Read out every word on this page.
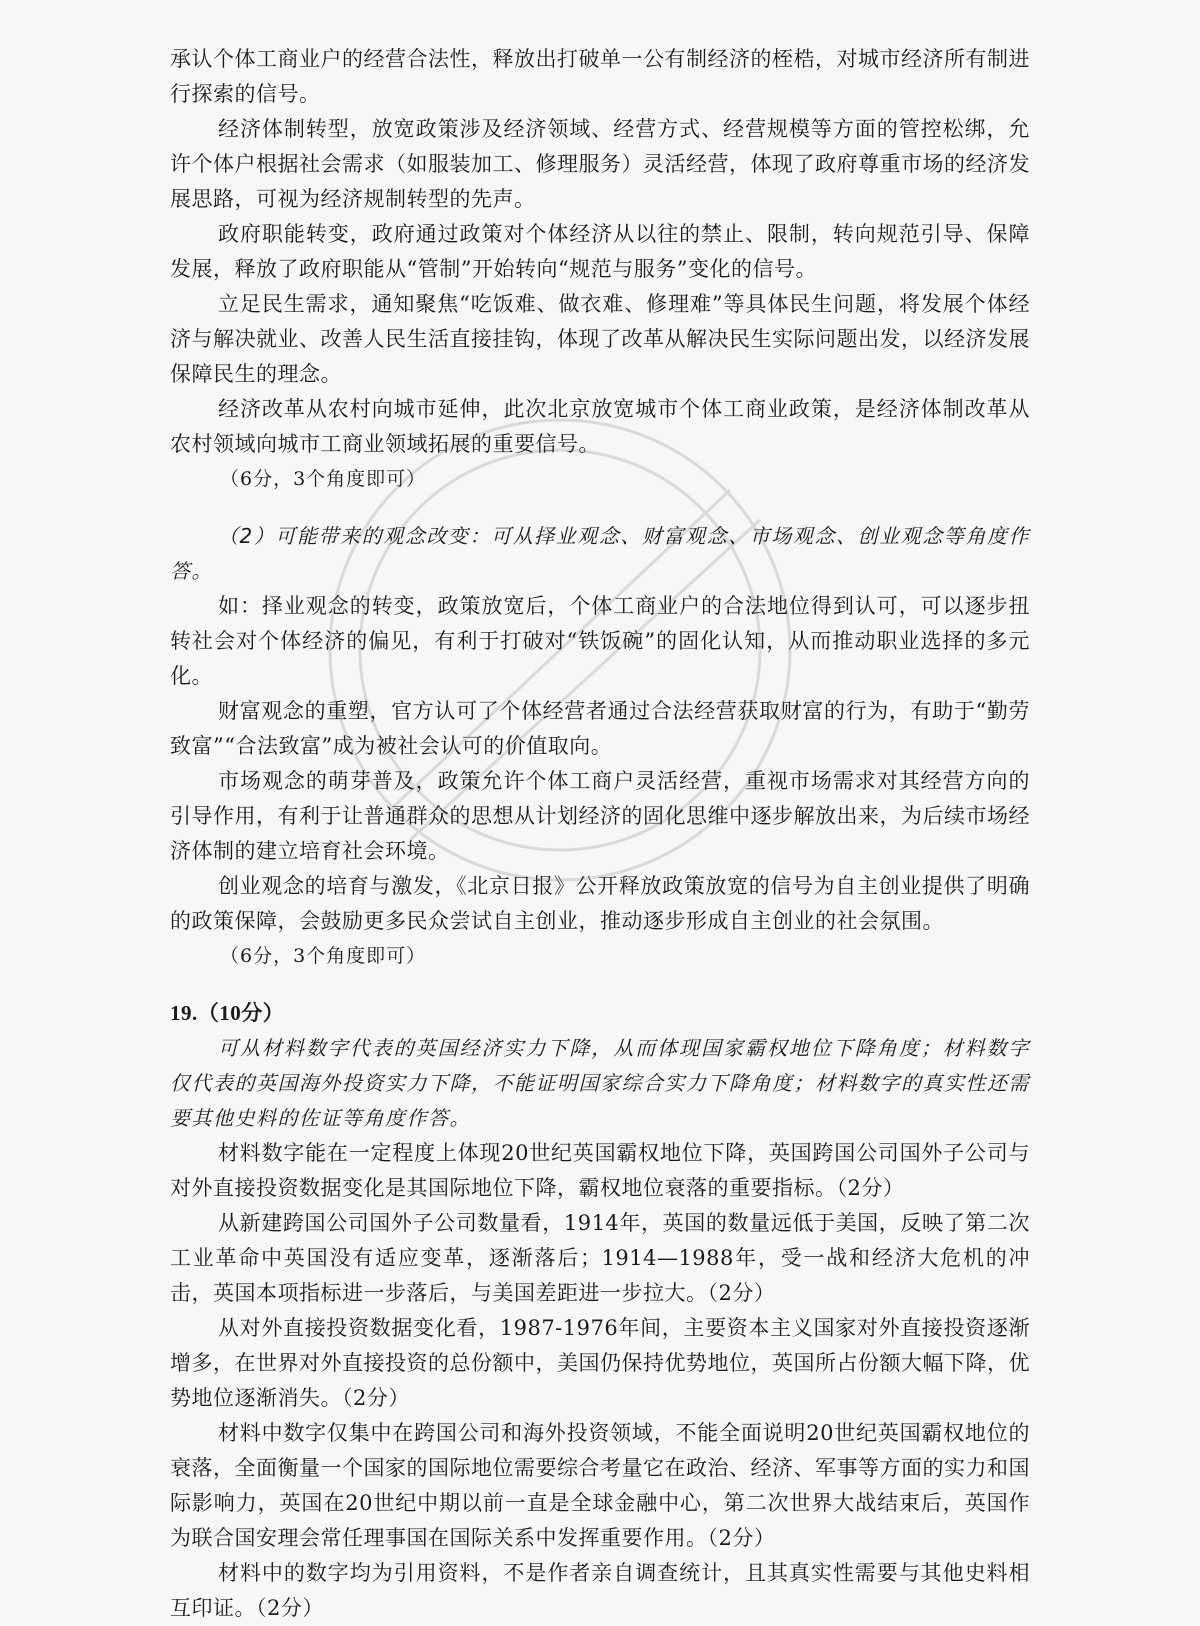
承认个体工商业户的经营合法性，释放出打破单一公有制经济的桎梏，对城市经济所有制进行探索的信号。

经济体制转型，放宽政策涉及经济领域、经营方式、经营规模等方面的管控松绑，允许个体户根据社会需求（如服装加工、修理服务）灵活经营，体现了政府尊重市场的经济发展思路，可视为经济规制转型的先声。

政府职能转变，政府通过政策对个体经济从以往的禁止、限制，转向规范引导、保障发展，释放了政府职能从“管制”开始转向“规范与服务”变化的信号。

立足民生需求，通知聚焦“吃饭难、做衣难、修理难”等具体民生问题，将发展个体经济与解决就业、改善人民生活直接挂钩，体现了改革从解决民生实际问题出发，以经济发展保障民生的理念。

经济改革从农村向城市延伸，此次北京放宽城市个体工商业政策，是经济体制改革从农村领域向城市工商业领域拓展的重要信号。

（6分，3个角度即可）

（2）可能带来的观念改变：可从择业观念、财富观念、市场观念、创业观念等角度作答。

如：择业观念的转变，政策放宽后，个体工商业户的合法地位得到认可，可以逐步扭转社会对个体经济的偏见，有利于打破对“铁饭碗”的固化认知，从而推动职业选择的多元化。

财富观念的重塑，官方认可了个体经营者通过合法经营获取财富的行为，有助于“勤劳致富”“合法致富”成为被社会认可的价值取向。

市场观念的萌芽普及，政策允许个体工商户灵活经营，重视市场需求对其经营方向的引导作用，有利于让普通群众的思想从计划经济的固化思维中逐步解放出来，为后续市场经济体制的建立培育社会环境。

创业观念的培育与激发，《北京日报》公开释放政策放宽的信号为自主创业提供了明确的政策保障，会鼓励更多民众尝试自主创业，推动逐步形成自主创业的社会氛围。

（6分，3个角度即可）

19.（10分）

可从材料数字代表的英国经济实力下降，从而体现国家霸权地位下降角度；材料数字仅代表的英国海外投资实力下降，不能证明国家综合实力下降角度；材料数字的真实性还需要其他史料的佐证等角度作答。

材料数字能在一定程度上体现20世纪英国霸权地位下降，英国跨国公司国外子公司与对外直接投资数据变化是其国际地位下降，霸权地位衰落的重要指标。（2分）

从新建跨国公司国外子公司数量看，1914年，英国的数量远低于美国，反映了第二次工业革命中英国没有适应变革，逐渐落后；1914—1988年，受一战和经济大危机的冲击，英国本项指标进一步落后，与美国差距进一步拉大。（2分）

从对外直接投资数据变化看，1987-1976年间，主要资本主义国家对外直接投资逐渐增多，在世界对外直接投资的总份额中，美国仍保持优势地位，英国所占份额大幅下降，优势地位逐渐消失。（2分）

材料中数字仅集中在跨国公司和海外投资领域，不能全面说明20世纪英国霸权地位的衰落，全面衡量一个国家的国际地位需要综合考量它在政治、经济、军事等方面的实力和国际影响力，英国在20世纪中期以前一直是全球金融中心，第二次世界大战结束后，英国作为联合国安理会常任理事国在国际关系中发挥重要作用。（2分）

材料中的数字均为引用资料，不是作者亲自调查统计，且其真实性需要与其他史料相互印证。（2分）
